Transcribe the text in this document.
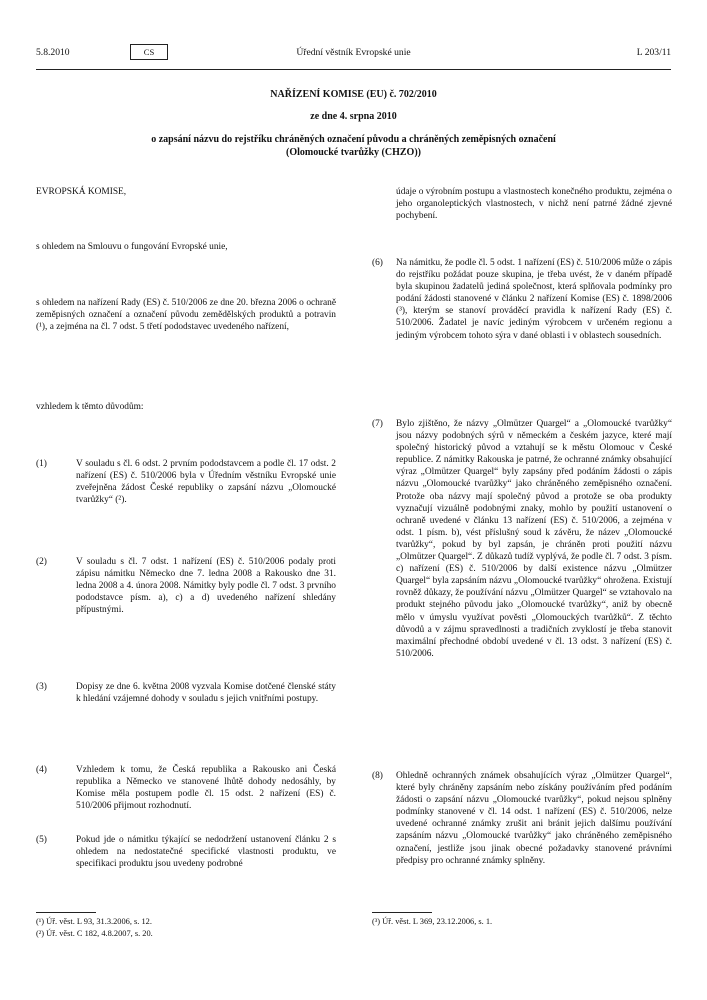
5.8.2010	CS	Úřední věstník Evropské unie	L 203/11
NAŘÍZENÍ KOMISE (EU) č. 702/2010
ze dne 4. srpna 2010
o zapsání názvu do rejstříku chráněných označení původu a chráněných zeměpisných označení
(Olomoucké tvarůžky (CHZO))
EVROPSKÁ KOMISE,
s ohledem na Smlouvu o fungování Evropské unie,
s ohledem na nařízení Rady (ES) č. 510/2006 ze dne 20. března 2006 o ochraně zeměpisných označení a označení původu zemědělských produktů a potravin (¹), a zejména na čl. 7 odst. 5 třetí pododstavec uvedeného nařízení,
vzhledem k těmto důvodům:
(1)	V souladu s čl. 6 odst. 2 prvním pododstavcem a podle čl. 17 odst. 2 nařízení (ES) č. 510/2006 byla v Úředním věstníku Evropské unie zveřejněna žádost České republiky o zapsání názvu „Olomoucké tvarůžky“ (²).
(2)	V souladu s čl. 7 odst. 1 nařízení (ES) č. 510/2006 podaly proti zápisu námitku Německo dne 7. ledna 2008 a Rakousko dne 31. ledna 2008 a 4. února 2008. Námitky byly podle čl. 7 odst. 3 prvního pododstavce písm. a), c) a d) uvedeného nařízení shledány přípustnými.
(3)	Dopisy ze dne 6. května 2008 vyzvala Komise dotčené členské státy k hledání vzájemné dohody v souladu s jejich vnitřními postupy.
(4)	Vzhledem k tomu, že Česká republika a Rakousko ani Česká republika a Německo ve stanovené lhůtě dohody nedosáhly, by Komise měla postupem podle čl. 15 odst. 2 nařízení (ES) č. 510/2006 přijmout rozhodnutí.
(5)	Pokud jde o námitku týkající se nedodržení ustanovení článku 2 s ohledem na nedostatečné specifické vlastnosti produktu, ve specifikaci produktu jsou uvedeny podrobné
(¹) Úř. věst. L 93, 31.3.2006, s. 12.
(²) Úř. věst. C 182, 4.8.2007, s. 20.
údaje o výrobním postupu a vlastnostech konečného produktu, zejména o jeho organoleptických vlastnostech, v nichž není patrné žádné zjevné pochybení.
(6) Na námitku, že podle čl. 5 odst. 1 nařízení (ES) č. 510/2006 může o zápis do rejstříku požádat pouze skupina, je třeba uvést, že v daném případě byla skupinou žadatelů jediná společnost, která splňovala podmínky pro podání žádosti stanovené v článku 2 nařízení Komise (ES) č. 1898/2006 (³), kterým se stanoví prováděcí pravidla k nařízení Rady (ES) č. 510/2006. Žadatel je navíc jediným výrobcem v určeném regionu a jediným výrobcem tohoto sýra v dané oblasti i v oblastech sousedních.
(7) Bylo zjištěno, že názvy „Olmützer Quargel“ a „Olomoucké tvarůžky“ jsou názvy podobných sýrů v německém a českém jazyce, které mají společný historický původ a vztahují se k městu Olomouc v České republice. Z námitky Rakouska je patrné, že ochranné známky obsahující výraz „Olmützer Quargel“ byly zapsány před podáním žádosti o zápis názvu „Olomoucké tvarůžky“ jako chráněného zeměpisného označení. Protože oba názvy mají společný původ a protože se oba produkty vyznačují vizuálně podobnými znaky, mohlo by použití ustanovení o ochraně uvedené v článku 13 nařízení (ES) č. 510/2006, a zejména v odst. 1 písm. b), vést příslušný soud k závěru, že název „Olomoucké tvarůžky“, pokud by byl zapsán, je chráněn proti použití názvu „Olmützer Quargel“. Z důkazů tudíž vyplývá, že podle čl. 7 odst. 3 písm. c) nařízení (ES) č. 510/2006 by další existence názvu „Olmützer Quargel“ byla zapsáním názvu „Olomoucké tvarůžky“ ohrožena. Existují rovněž důkazy, že používání názvu „Olmützer Quargel“ se vztahovalo na produkt stejného původu jako „Olomoucké tvarůžky“, aniž by obecně mělo v úmyslu využívat pověsti „Olomouckých tvarůžků“. Z těchto důvodů a v zájmu spravedlnosti a tradičních zvyklostí je třeba stanovit maximální přechodné období uvedené v čl. 13 odst. 3 nařízení (ES) č. 510/2006.
(8) Ohledně ochranných známek obsahujících výraz „Olmützer Quargel“, které byly chráněny zapsáním nebo získány používáním před podáním žádosti o zapsání názvu „Olomoucké tvarůžky“, pokud nejsou splněny podmínky stanovené v čl. 14 odst. 1 nařízení (ES) č. 510/2006, nelze uvedené ochranné známky zrušit ani bránit jejich dalšímu používání zapsáním názvu „Olomoucké tvarůžky“ jako chráněného zeměpisného označení, jestliže jsou jinak obecné požadavky stanovené právními předpisy pro ochranné známky splněny.
(³) Úř. věst. L 369, 23.12.2006, s. 1.
